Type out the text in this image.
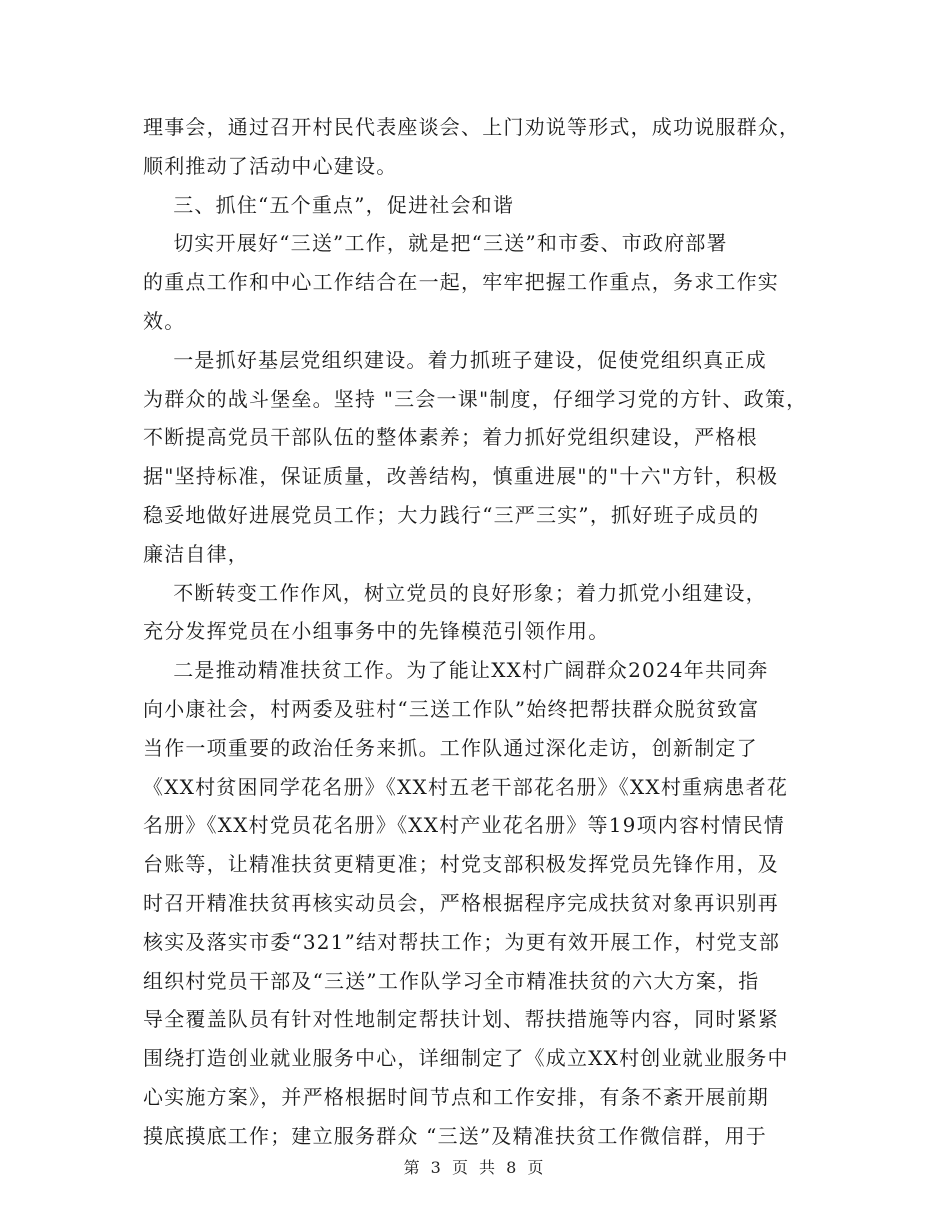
理事会，通过召开村民代表座谈会、上门劝说等形式，成功说服群众，
顺利推动了活动中心建设。
三、抓住“五个重点”，促进社会和谐
切实开展好“三送”工作，就是把“三送”和市委、市政府部署
的重点工作和中心工作结合在一起，牢牢把握工作重点，务求工作实
效。
一是抓好基层党组织建设。着力抓班子建设，促使党组织真正成
为群众的战斗堡垒。坚持 "三会一课"制度，仔细学习党的方针、政策，
不断提高党员干部队伍的整体素养；着力抓好党组织建设，严格根
据"坚持标准，保证质量，改善结构，慎重进展"的"十六"方针，积极
稳妥地做好进展党员工作；大力践行“三严三实”，抓好班子成员的
廉洁自律，
不断转变工作作风，树立党员的良好形象；着力抓党小组建设，
充分发挥党员在小组事务中的先锋模范引领作用。
二是推动精准扶贫工作。为了能让XX村广阔群众2024年共同奔
向小康社会，村两委及驻村“三送工作队”始终把帮扶群众脱贫致富
当作一项重要的政治任务来抓。工作队通过深化走访，创新制定了
《XX村贫困同学花名册》《XX村五老干部花名册》《XX村重病患者花
名册》《XX村党员花名册》《XX村产业花名册》等19项内容村情民情
台账等，让精准扶贫更精更准；村党支部积极发挥党员先锋作用，及
时召开精准扶贫再核实动员会，严格根据程序完成扶贫对象再识别再
核实及落实市委“321”结对帮扶工作；为更有效开展工作，村党支部
组织村党员干部及“三送”工作队学习全市精准扶贫的六大方案，指
导全覆盖队员有针对性地制定帮扶计划、帮扶措施等内容，同时紧紧
围绕打造创业就业服务中心，详细制定了《成立XX村创业就业服务中
心实施方案》，并严格根据时间节点和工作安排，有条不紊开展前期
摸底摸底工作；建立服务群众 “三送”及精准扶贫工作微信群，用于
第 3 页 共 8 页
